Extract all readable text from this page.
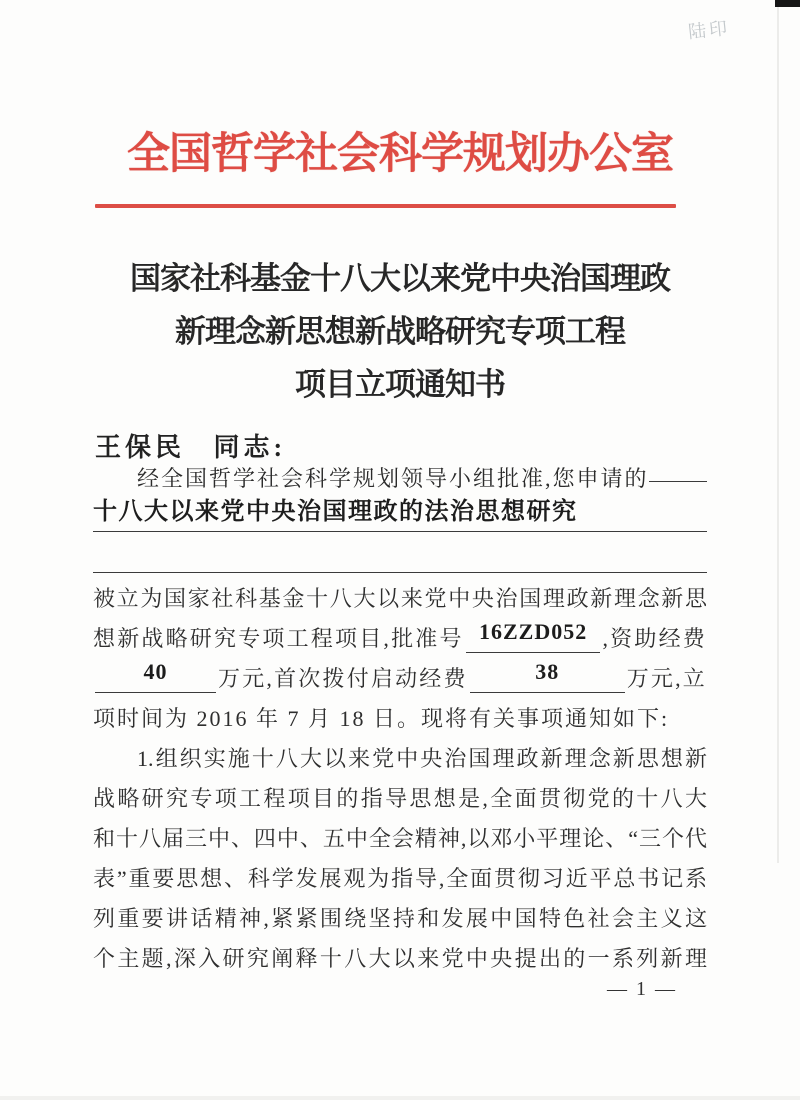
陆印
全国哲学社会科学规划办公室
国家社科基金十八大以来党中央治国理政
新理念新思想新战略研究专项工程
项目立项通知书
王保民 同志:
经全国哲学社会科学规划领导小组批准,您申请的
十八大以来党中央治国理政的法治思想研究
被立为国家社科基金十八大以来党中央治国理政新理念新思
想新战略研究专项工程项目,批准号 16ZZD052 ,资助经费
40	万元,首次拨付启动经费	38	万元,立
项时间为 2016 年 7 月 18 日。现将有关事项通知如下:
1.组织实施十八大以来党中央治国理政新理念新思想新
战略研究专项工程项目的指导思想是,全面贯彻党的十八大
和十八届三中、四中、五中全会精神,以邓小平理论、“三个代
表”重要思想、科学发展观为指导,全面贯彻习近平总书记系
列重要讲话精神,紧紧围绕坚持和发展中国特色社会主义这
个主题,深入研究阐释十八大以来党中央提出的一系列新理
— 1 —
